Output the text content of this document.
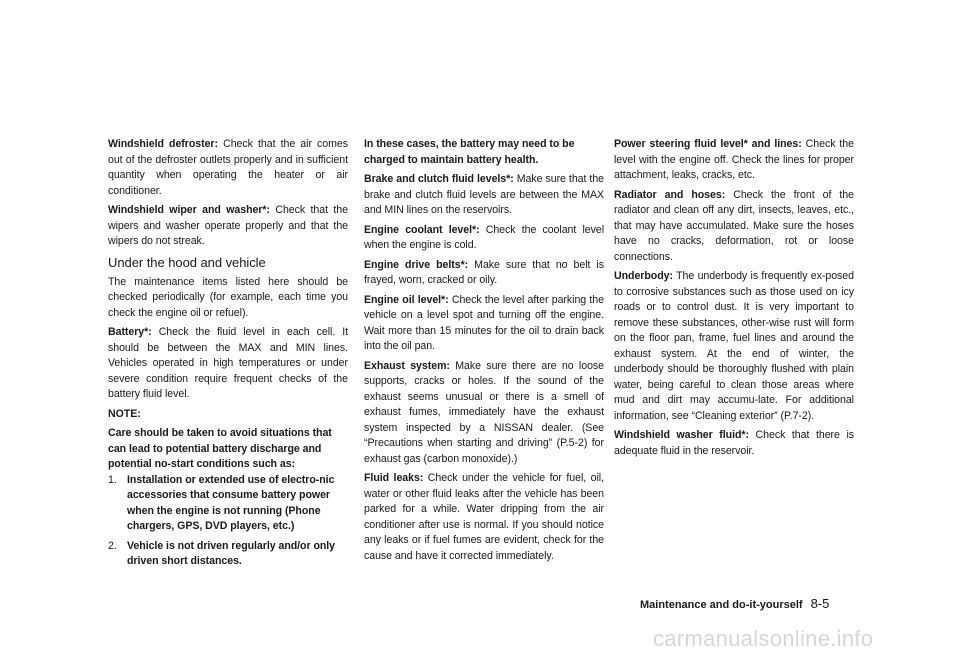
Windshield defroster: Check that the air comes out of the defroster outlets properly and in sufficient quantity when operating the heater or air conditioner.

Windshield wiper and washer*: Check that the wipers and washer operate properly and that the wipers do not streak.

Under the hood and vehicle

The maintenance items listed here should be checked periodically (for example, each time you check the engine oil or refuel).

Battery*: Check the fluid level in each cell. It should be between the MAX and MIN lines. Vehicles operated in high temperatures or under severe condition require frequent checks of the battery fluid level.

NOTE:
Care should be taken to avoid situations that can lead to potential battery discharge and potential no-start conditions such as:
1. Installation or extended use of electro-nic accessories that consume battery power when the engine is not running (Phone chargers, GPS, DVD players, etc.)
2. Vehicle is not driven regularly and/or only driven short distances.
In these cases, the battery may need to be charged to maintain battery health.

Brake and clutch fluid levels*: Make sure that the brake and clutch fluid levels are between the MAX and MIN lines on the reservoirs.

Engine coolant level*: Check the coolant level when the engine is cold.

Engine drive belts*: Make sure that no belt is frayed, worn, cracked or oily.

Engine oil level*: Check the level after parking the vehicle on a level spot and turning off the engine. Wait more than 15 minutes for the oil to drain back into the oil pan.

Exhaust system: Make sure there are no loose supports, cracks or holes. If the sound of the exhaust seems unusual or there is a smell of exhaust fumes, immediately have the exhaust system inspected by a NISSAN dealer. (See “Precautions when starting and driving” (P.5-2) for exhaust gas (carbon monoxide).)

Fluid leaks: Check under the vehicle for fuel, oil, water or other fluid leaks after the vehicle has been parked for a while. Water dripping from the air conditioner after use is normal. If you should notice any leaks or if fuel fumes are evident, check for the cause and have it corrected immediately.

Power steering fluid level* and lines: Check the level with the engine off. Check the lines for proper attachment, leaks, cracks, etc.

Radiator and hoses: Check the front of the radiator and clean off any dirt, insects, leaves, etc., that may have accumulated. Make sure the hoses have no cracks, deformation, rot or loose connections.

Underbody: The underbody is frequently ex-posed to corrosive substances such as those used on icy roads or to control dust. It is very important to remove these substances, other-wise rust will form on the floor pan, frame, fuel lines and around the exhaust system. At the end of winter, the underbody should be thoroughly flushed with plain water, being careful to clean those areas where mud and dirt may accumu-late. For additional information, see “Cleaning exterior” (P.7-2).

Windshield washer fluid*: Check that there is adequate fluid in the reservoir.

Maintenance and do-it-yourself 8-5
carmanualsonline.info
